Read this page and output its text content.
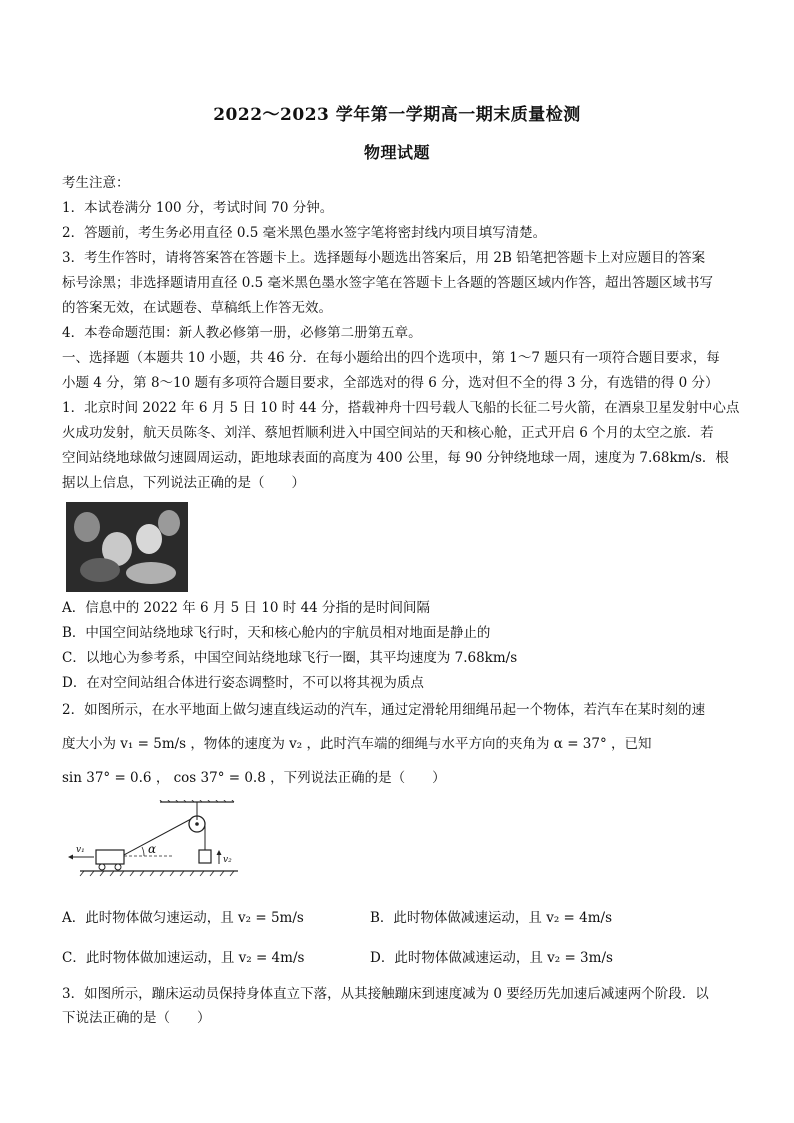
2022～2023 学年第一学期高一期末质量检测
物理试题
考生注意：
1．本试卷满分 100 分，考试时间 70 分钟。
2．答题前，考生务必用直径 0.5 毫米黑色墨水签字笔将密封线内项目填写清楚。
3．考生作答时，请将答案答在答题卡上。选择题每小题选出答案后，用 2B 铅笔把答题卡上对应题目的答案
标号涂黑；非选择题请用直径 0.5 毫米黑色墨水签字笔在答题卡上各题的答题区域内作答，超出答题区域书写
的答案无效，在试题卷、草稿纸上作答无效。
4．本卷命题范围：新人教必修第一册，必修第二册第五章。
一、选择题（本题共 10 小题，共 46 分．在每小题给出的四个选项中，第 1～7 题只有一项符合题目要求，每
小题 4 分，第 8～10 题有多项符合题目要求，全部选对的得 6 分，选对但不全的得 3 分，有选错的得 0 分）
1．北京时间 2022 年 6 月 5 日 10 时 44 分，搭载神舟十四号载人飞船的长征二号火箭，在酒泉卫星发射中心点
火成功发射，航天员陈冬、刘洋、蔡旭哲顺利进入中国空间站的天和核心舱，正式开启 6 个月的太空之旅．若
空间站绕地球做匀速圆周运动，距地球表面的高度为 400 公里，每 90 分钟绕地球一周，速度为 7.68km/s．根
据以上信息，下列说法正确的是（　　）
A．信息中的 2022 年 6 月 5 日 10 时 44 分指的是时间间隔
B．中国空间站绕地球飞行时，天和核心舱内的宇航员相对地面是静止的
C．以地心为参考系，中国空间站绕地球飞行一圈，其平均速度为 7.68km/s
D．在对空间站组合体进行姿态调整时，不可以将其视为质点
2．如图所示，在水平地面上做匀速直线运动的汽车，通过定滑轮用细绳吊起一个物体，若汽车在某时刻的速
度大小为 v₁ = 5m/s ，物体的速度为 v₂ ，此时汽车端的细绳与水平方向的夹角为 α = 37° ，已知
sin 37° = 0.6 ， cos 37° = 0.8 ，下列说法正确的是（　　）
α
v₂
v₁
A．此时物体做匀速运动，且 v₂ = 5m/s	B．此时物体做减速运动，且 v₂ = 4m/s
C．此时物体做加速运动，且 v₂ = 4m/s	D．此时物体做减速运动，且 v₂ = 3m/s
3．如图所示，蹦床运动员保持身体直立下落，从其接触蹦床到速度减为 0 要经历先加速后减速两个阶段．以
下说法正确的是（　　）
